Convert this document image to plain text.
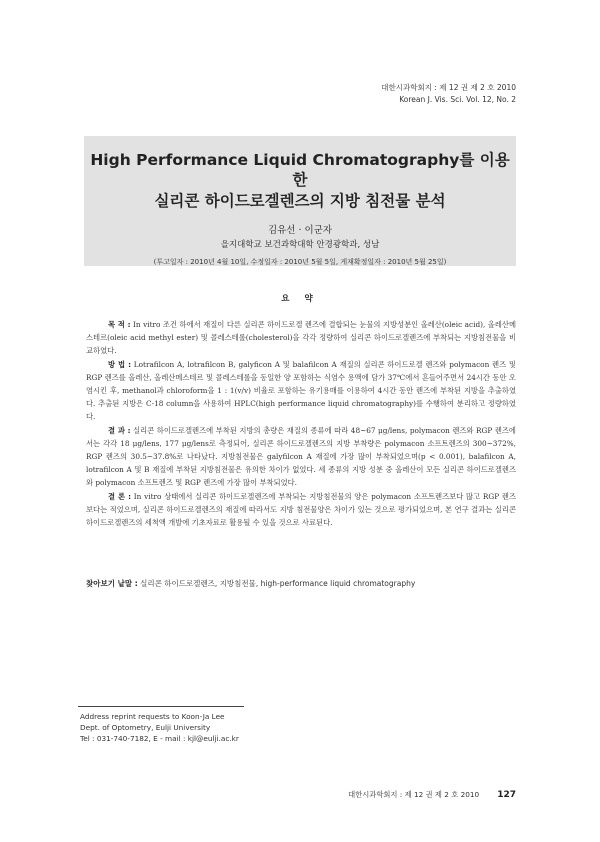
대한시과학회지 : 제 12 권 제 2 호 2010
Korean J. Vis. Sci. Vol. 12, No. 2
High Performance Liquid Chromatography를 이용한
실리콘 하이드로겔렌즈의 지방 침전물 분석
김유선 · 이군자
을지대학교 보건과학대학 안경광학과, 성남
(투고일자 : 2010년 4월 10일, 수정일자 : 2010년 5월 5일, 게재확정일자 : 2010년 5월 25일)
요 약

목 적 : In vitro 조건 하에서 재질이 다른 실리콘 하이드로겔 렌즈에 결합되는 눈물의 지방성분인 올레산(oleic acid), 올레산메스테르(oleic acid methyl ester) 및 콜레스테롤(cholesterol)을 각각 정량하여 실리콘 하이드로겔렌즈에 부착되는 지방침전물을 비교하였다.

방 법 : Lotrafilcon A, lotrafilcon B, galyficon A 및 balafilcon A 재질의 실리콘 하이드로겔 렌즈와 polymacon 렌즈 및 RGP 렌즈를 올레산, 올레산메스테르 및 콜레스테롤을 동일한 양 포함하는 식염수 용액에 담가 37℃에서 흔들어주면서 24시간 동안 오염시킨 후, methanol과 chloroform을 1 : 1(v/v) 비율로 포함하는 유기용매를 이용하여 4시간 동안 렌즈에 부착된 지방을 추출하였다. 추출된 지방은 C-18 column을 사용하여 HPLC(high performance liquid chromatography)를 수행하여 분리하고 정량하였다.

결 과 : 실리콘 하이드로겔렌즈에 부착된 지방의 총량은 재질의 종류에 따라 48~67 μg/lens, polymacon 렌즈와 RGP 렌즈에서는 각각 18 μg/lens, 177 μg/lens로 측정되어, 실리콘 하이드로겔렌즈의 지방 부착량은 polymacon 소프트렌즈의 300~372%, RGP 렌즈의 30.5~37.8%로 나타났다. 지방침전물은 galyfilcon A 재질에 가장 많이 부착되었으며(p < 0.001), balafilcon A, lotrafilcon A 및 B 재질에 부착된 지방침전물은 유의한 차이가 없었다. 세 종류의 지방 성분 중 올레산이 모든 실리콘 하이드로겔렌즈와 polymacon 소프트렌즈 및 RGP 렌즈에 가장 많이 부착되었다.

결 론 : In vitro 상태에서 실리콘 하이드로겔렌즈에 부착되는 지방침전물의 양은 polymacon 소프트렌즈보다 많고 RGP 렌즈보다는 적었으며, 실리콘 하이드로겔렌즈의 재질에 따라서도 지방 침전물양은 차이가 있는 것으로 평가되었으며, 본 연구 결과는 실리콘 하이드로겔렌즈의 세척액 개발에 기초자료로 활용될 수 있을 것으로 사료된다.

찾아보기 낱말 : 실리콘 하이드로겔렌즈, 지방침전물, high-performance liquid chromatography
Address reprint requests to Koon-Ja Lee
Dept. of Optometry, Eulji University
Tel : 031-740-7182, E - mail : kjl@eulji.ac.kr
대한시과학회지 : 제 12 권 제 2 호 2010 127
